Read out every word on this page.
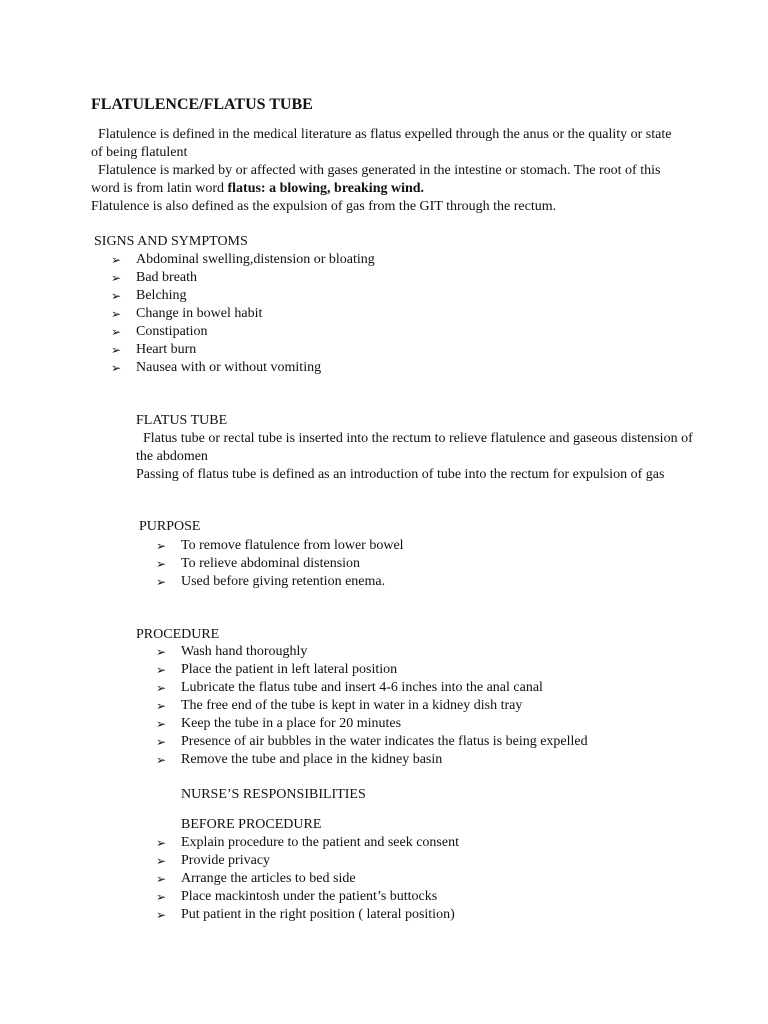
FLATULENCE/FLATUS TUBE

Flatulence is defined in the medical literature as flatus expelled through the anus or the quality or state of being flatulent

Flatulence is marked by or affected with gases generated in the intestine or stomach. The root of this word is from latin word flatus: a blowing, breaking wind.

Flatulence is also defined as the expulsion of gas from the GIT through the rectum.

SIGNS AND SYMPTOMS

➢ Abdominal swelling,distension or bloating
➢ Bad breath
➢ Belching
➢ Change in bowel habit
➢ Constipation
➢ Heart burn
➢ Nausea with or without vomiting

FLATUS TUBE

Flatus tube or rectal tube is inserted into the rectum to relieve flatulence and gaseous distension of the abdomen

Passing of flatus tube is defined as an introduction of tube into the rectum for expulsion of gas

PURPOSE

➢ To remove flatulence from lower bowel
➢ To relieve abdominal distension
➢ Used before giving retention enema.

PROCEDURE

➢ Wash hand thoroughly
➢ Place the patient in left lateral position
➢ Lubricate the flatus tube and insert 4-6 inches into the anal canal
➢ The free end of the tube is kept in water in a kidney dish tray
➢ Keep the tube in a place for 20 minutes
➢ Presence of air bubbles in the water indicates the flatus is being expelled
➢ Remove the tube and place in the kidney basin

NURSE’S RESPONSIBILITIES

BEFORE PROCEDURE

➢ Explain procedure to the patient and seek consent
➢ Provide privacy
➢ Arrange the articles to bed side
➢ Place mackintosh under the patient’s buttocks
➢ Put patient in the right position ( lateral position)
